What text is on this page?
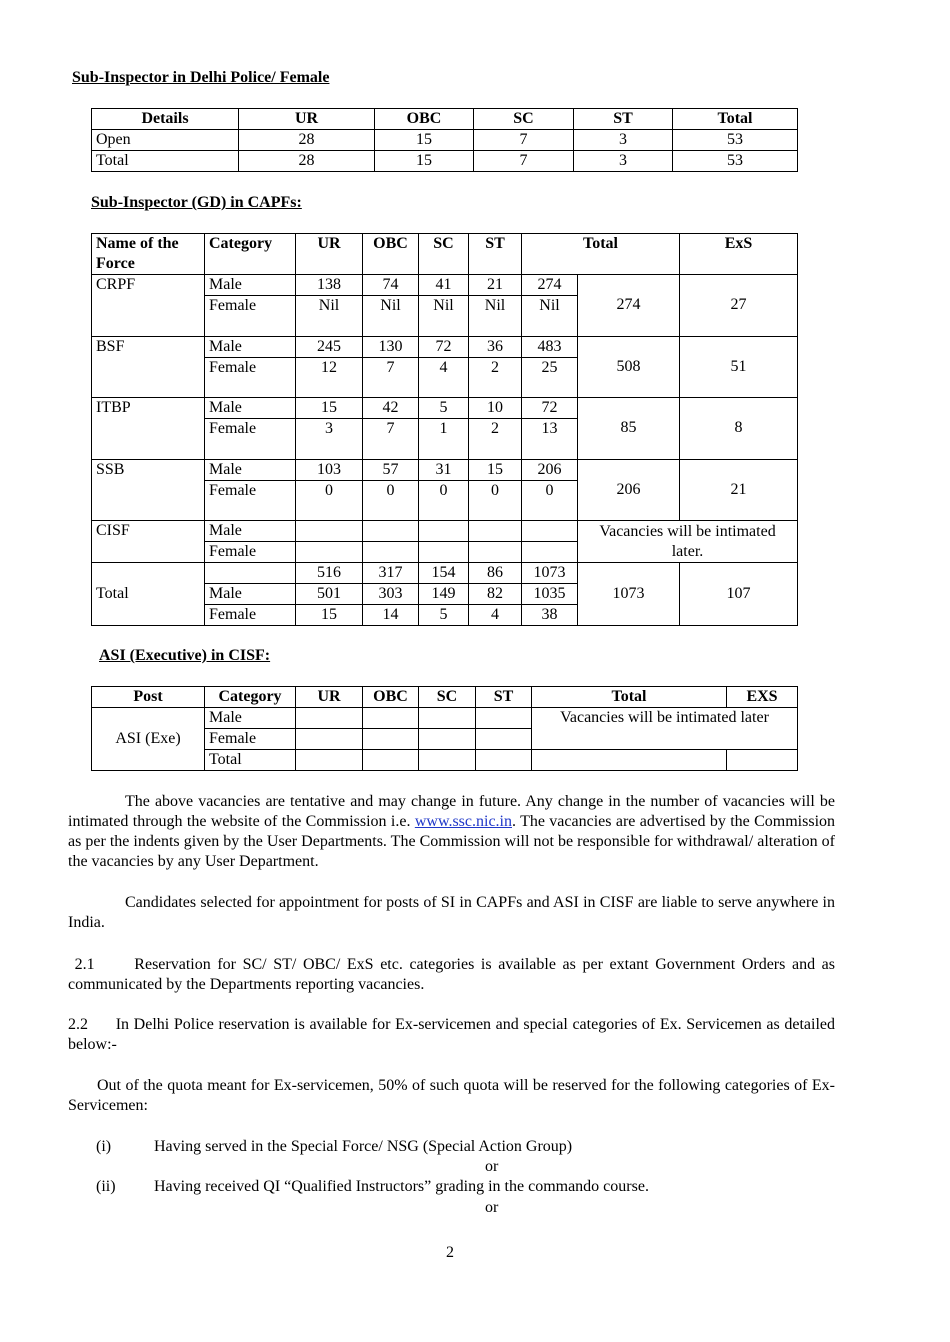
Sub-Inspector in Delhi Police/ Female
Details	UR	OBC	SC	ST	Total
Open	28	15	7	3	53
Total	28	15	7	3	53
Sub-Inspector (GD) in CAPFs:
Name of the Force	Category	UR	OBC	SC	ST	Total		ExS
CRPF	Male	138	74	41	21	274	274	27
	Female	Nil	Nil	Nil	Nil	Nil		

BSF	Male	245	130	72	36	483	508	51
	Female	12	7	4	2	25		

ITBP	Male	15	42	5	10	72	85	8
	Female	3	7	1	2	13		

SSB	Male	103	57	31	15	206	206	21
	Female	0	0	0	0	0		

CISF	Male						Vacancies will be intimated later.	
	Female							
Total		516	317	154	86	1073	1073	107
	Male	501	303	149	82	1035		
	Female	15	14	5	4	38		
ASI (Executive) in CISF:
Post	Category	UR	OBC	SC	ST	Total	EXS
ASI (Exe)	Male					Vacancies will be intimated later	
	Female						
	Total						

The above vacancies are tentative and may change in future. Any change in the number of vacancies will be intimated through the website of the Commission i.e. www.ssc.nic.in. The vacancies are advertised by the Commission as per the indents given by the User Departments. The Commission will not be responsible for withdrawal/ alteration of the vacancies by any User Department.

Candidates selected for appointment for posts of SI in CAPFs and ASI in CISF are liable to serve anywhere in India.

2.1      Reservation for SC/ ST/ OBC/ ExS etc. categories is available as per extant Government Orders and as communicated by the Departments reporting vacancies.

2.2      In Delhi Police reservation is available for Ex-servicemen and special categories of Ex. Servicemen as detailed below:-

Out of the quota meant for Ex-servicemen, 50% of such quota will be reserved for the following categories of Ex-Servicemen:

(i)	Having served in the Special Force/ NSG (Special Action Group)
or
(ii) Having received QI “Qualified Instructors” grading in the commando course.
or
2
